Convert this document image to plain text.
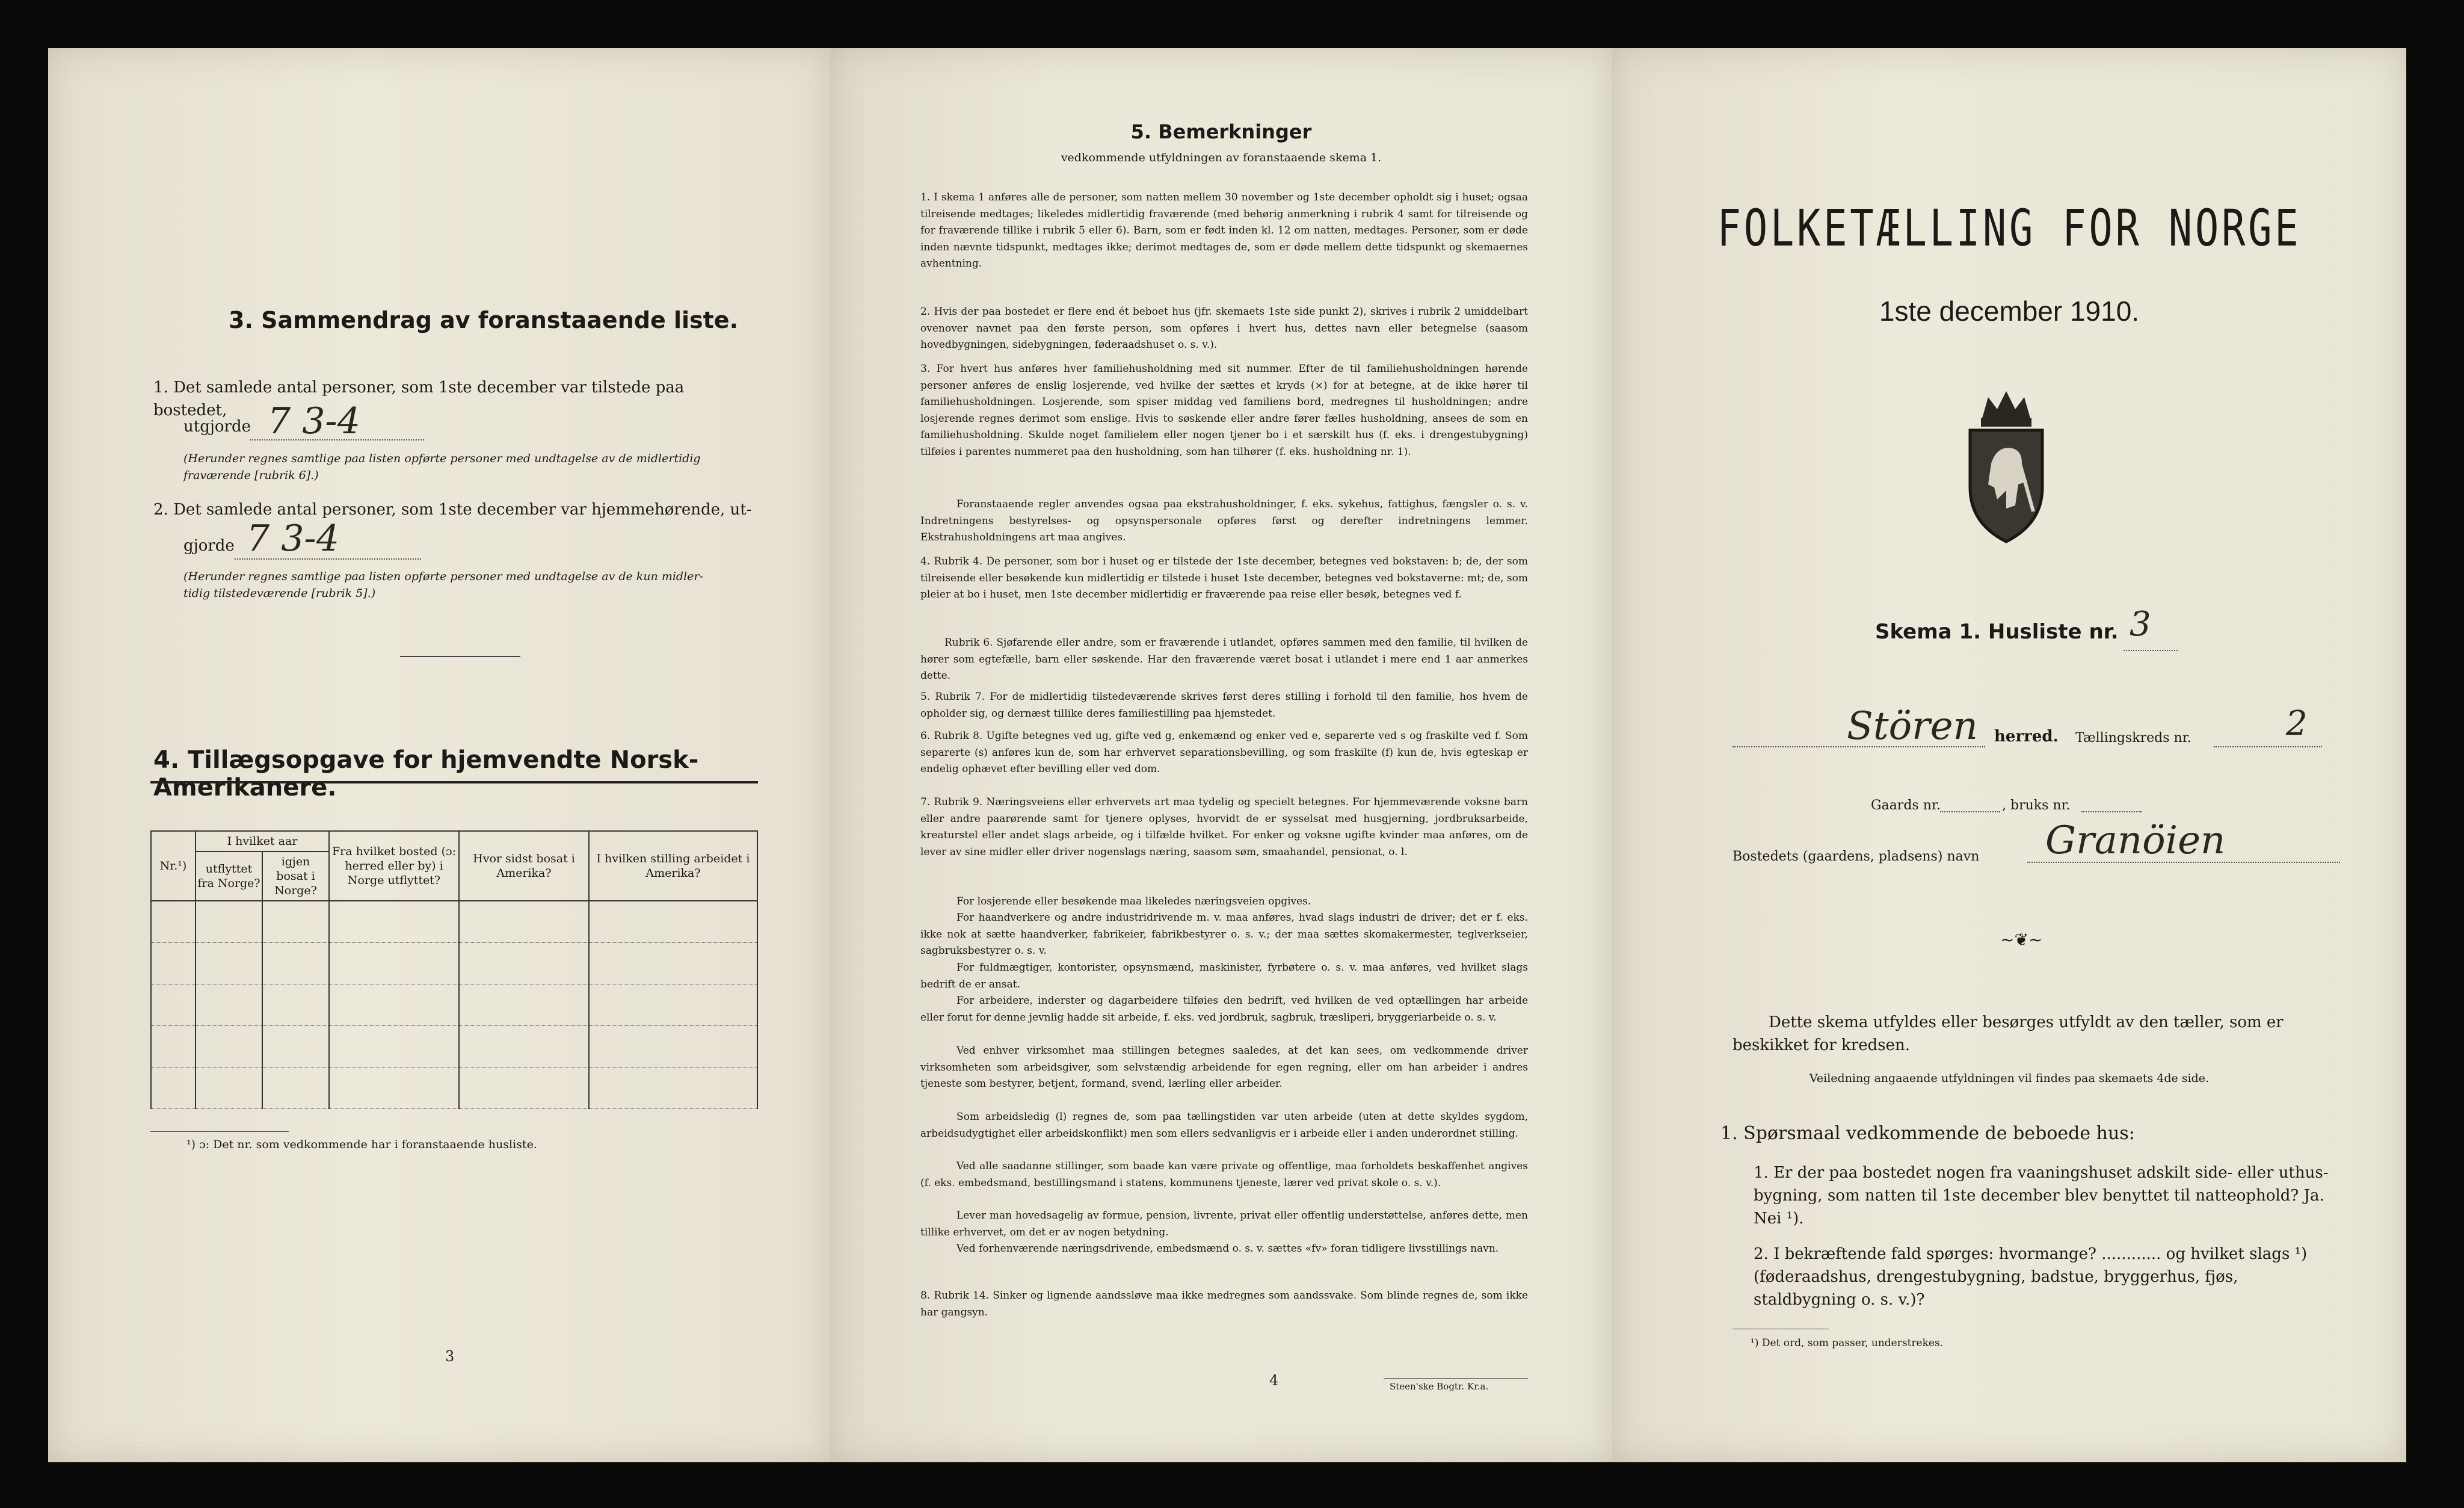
3. Sammendrag av foranstaaende liste.
1. Det samlede antal personer, som 1ste december var tilstede paa bostedet,
utgjorde 7 3-4
(Herunder regnes samtlige paa listen opførte personer med undtagelse av de midlertidig
fraværende [rubrik 6].)
2. Det samlede antal personer, som 1ste december var hjemmehørende, ut-
gjorde 7 3-4
(Herunder regnes samtlige paa listen opførte personer med undtagelse av de kun midler-
tidig tilstedeværende [rubrik 5].)
4. Tillægsopgave for hjemvendte Norsk-Amerikanere.
Nr.¹)	I hvilket aar		Fra hvilket bosted (ɔ: herred eller by) i Norge utflyttet?	Hvor sidst bosat i Amerika?	I hvilken stilling arbeidet i Amerika?
	utflyttet fra Norge?	igjen bosat i Norge?			

¹) ɔ: Det nr. som vedkommende har i foranstaaende husliste.
3
5. Bemerkninger
vedkommende utfyldningen av foranstaaende skema 1.
1. I skema 1 anføres alle de personer, som natten mellem 30 november og 1ste december opholdt sig i huset; ogsaa tilreisende medtages; likeledes midlertidig fraværende (med behørig anmerkning i rubrik 4 samt for tilreisende og for fraværende tillike i rubrik 5 eller 6). Barn, som er født inden kl. 12 om natten, medtages. Personer, som er døde inden nævnte tidspunkt, medtages ikke; derimot medtages de, som er døde mellem dette tidspunkt og skemaernes avhentning.
2. Hvis der paa bostedet er flere end ét beboet hus (jfr. skemaets 1ste side punkt 2), skrives i rubrik 2 umiddelbart ovenover navnet paa den første person, som opføres i hvert hus, dettes navn eller betegnelse (saasom hovedbygningen, sidebygningen, føderaadshuset o. s. v.).
3. For hvert hus anføres hver familiehusholdning med sit nummer. Efter de til familiehusholdningen hørende personer anføres de enslig losjerende, ved hvilke der sættes et kryds (×) for at betegne, at de ikke hører til familiehusholdningen. Losjerende, som spiser middag ved familiens bord, medregnes til husholdningen; andre losjerende regnes derimot som enslige. Hvis to søskende eller andre fører fælles husholdning, ansees de som en familiehusholdning. Skulde noget familielem eller nogen tjener bo i et særskilt hus (f. eks. i drengestubygning) tilføies i parentes nummeret paa den husholdning, som han tilhører (f. eks. husholdning nr. 1).
Foranstaaende regler anvendes ogsaa paa ekstrahusholdninger, f. eks. sykehus, fattighus, fængsler o. s. v. Indretningens bestyrelses- og opsynspersonale opføres først og derefter indretningens lemmer. Ekstrahusholdningens art maa angives.
4. Rubrik 4. De personer, som bor i huset og er tilstede der 1ste december, betegnes ved bokstaven: b; de, der som tilreisende eller besøkende kun midlertidig er tilstede i huset 1ste december, betegnes ved bokstaverne: mt; de, som pleier at bo i huset, men 1ste december midlertidig er fraværende paa reise eller besøk, betegnes ved f.
Rubrik 6. Sjøfarende eller andre, som er fraværende i utlandet, opføres sammen med den familie, til hvilken de hører som egtefælle, barn eller søskende. Har den fraværende været bosat i utlandet i mere end 1 aar anmerkes dette.
5. Rubrik 7. For de midlertidig tilstedeværende skrives først deres stilling i forhold til den familie, hos hvem de opholder sig, og dernæst tillike deres familiestilling paa hjemstedet.
6. Rubrik 8. Ugifte betegnes ved ug, gifte ved g, enkemænd og enker ved e, separerte ved s og fraskilte ved f. Som separerte (s) anføres kun de, som har erhvervet separationsbevilling, og som fraskilte (f) kun de, hvis egteskap er endelig ophævet efter bevilling eller ved dom.
7. Rubrik 9. Næringsveiens eller erhvervets art maa tydelig og specielt betegnes. For hjemmeværende voksne barn eller andre paarørende samt for tjenere oplyses, hvorvidt de er sysselsat med husgjerning, jordbruksarbeide, kreaturstel eller andet slags arbeide, og i tilfælde hvilket. For enker og voksne ugifte kvinder maa anføres, om de lever av sine midler eller driver nogenslags næring, saasom søm, smaahandel, pensionat, o. l.
For losjerende eller besøkende maa likeledes næringsveien opgives.
For haandverkere og andre industridrivende m. v. maa anføres, hvad slags industri de driver; det er f. eks. ikke nok at sætte haandverker, fabrikeier, fabrikbestyrer o. s. v.; der maa sættes skomakermester, teglverkseier, sagbruksbestyrer o. s. v.
For fuldmægtiger, kontorister, opsynsmænd, maskinister, fyrbøtere o. s. v. maa anføres, ved hvilket slags bedrift de er ansat.
For arbeidere, inderster og dagarbeidere tilføies den bedrift, ved hvilken de ved optællingen har arbeide eller forut for denne jevnlig hadde sit arbeide, f. eks. ved jordbruk, sagbruk, træsliperi, bryggeriarbeide o. s. v.
Ved enhver virksomhet maa stillingen betegnes saaledes, at det kan sees, om vedkommende driver virksomheten som arbeidsgiver, som selvstændig arbeidende for egen regning, eller om han arbeider i andres tjeneste som bestyrer, betjent, formand, svend, lærling eller arbeider.
Som arbeidsledig (l) regnes de, som paa tællingstiden var uten arbeide (uten at dette skyldes sygdom, arbeidsudygtighet eller arbeidskonflikt) men som ellers sedvanligvis er i arbeide eller i anden underordnet stilling.
Ved alle saadanne stillinger, som baade kan være private og offentlige, maa forholdets beskaffenhet angives (f. eks. embedsmand, bestillingsmand i statens, kommunens tjeneste, lærer ved privat skole o. s. v.).
Lever man hovedsagelig av formue, pension, livrente, privat eller offentlig understøttelse, anføres dette, men tillike erhvervet, om det er av nogen betydning.
Ved forhenværende næringsdrivende, embedsmænd o. s. v. sættes «fv» foran tidligere livsstillings navn.
8. Rubrik 14. Sinker og lignende aandssløve maa ikke medregnes som aandssvake. Som blinde regnes de, som ikke har gangsyn.
4	Steen'ske Bogtr. Kr.a.
FOLKETÆLLING FOR NORGE
1ste december 1910.
Skema 1. Husliste nr. 3
Stören herred. Tællingskreds nr.	2
Gaards nr.	, bruks nr.
Bostedets (gaardens, pladsens) navn Granöien
~❦~
Dette skema utfyldes eller besørges utfyldt av den tæller, som er beskikket for kredsen.
Veiledning angaaende utfyldningen vil findes paa skemaets 4de side.
1. Spørsmaal vedkommende de beboede hus:
1. Er der paa bostedet nogen fra vaaningshuset adskilt side- eller uthus-bygning, som natten til 1ste december blev benyttet til natteophold? Ja. Nei ¹).
2. I bekræftende fald spørges: hvormange? ............ og hvilket slags ¹) (føderaadshus, drengestubygning, badstue, bryggerhus, fjøs, staldbygning o. s. v.)?
¹) Det ord, som passer, understrekes.
